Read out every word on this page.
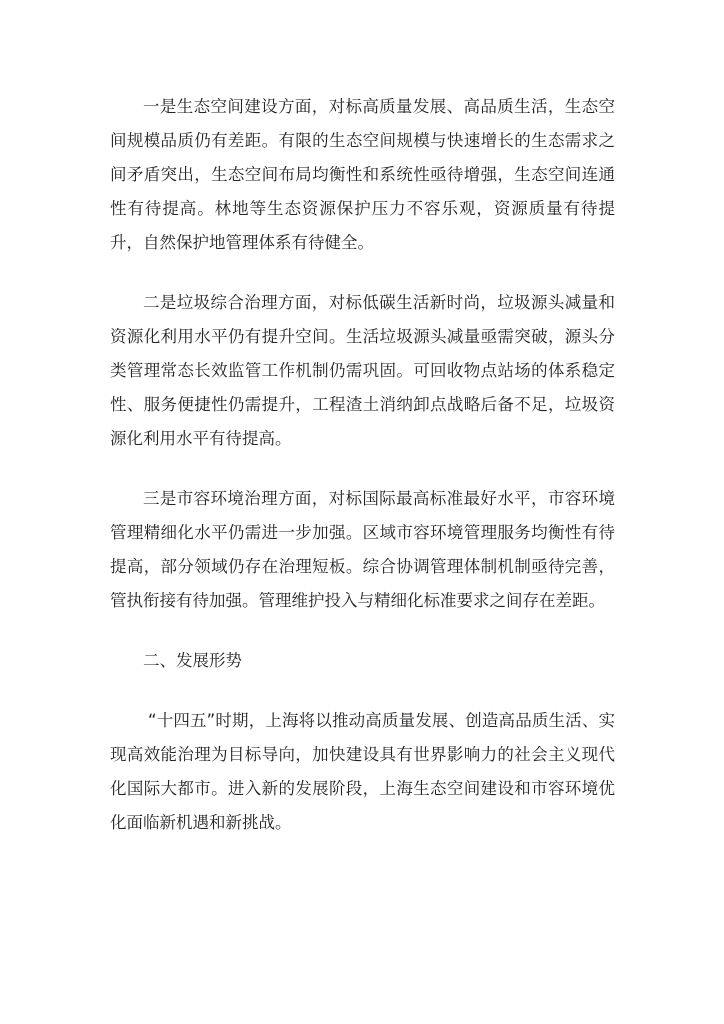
一是生态空间建设方面，对标高质量发展、高品质生活，生态空间规模品质仍有差距。有限的生态空间规模与快速增长的生态需求之间矛盾突出，生态空间布局均衡性和系统性亟待增强，生态空间连通性有待提高。林地等生态资源保护压力不容乐观，资源质量有待提升，自然保护地管理体系有待健全。

二是垃圾综合治理方面，对标低碳生活新时尚，垃圾源头减量和资源化利用水平仍有提升空间。生活垃圾源头减量亟需突破，源头分类管理常态长效监管工作机制仍需巩固。可回收物点站场的体系稳定性、服务便捷性仍需提升，工程渣土消纳卸点战略后备不足，垃圾资源化利用水平有待提高。

三是市容环境治理方面，对标国际最高标准最好水平，市容环境管理精细化水平仍需进一步加强。区域市容环境管理服务均衡性有待提高，部分领域仍存在治理短板。综合协调管理体制机制亟待完善，管执衔接有待加强。管理维护投入与精细化标准要求之间存在差距。

二、发展形势

“十四五”时期，上海将以推动高质量发展、创造高品质生活、实现高效能治理为目标导向，加快建设具有世界影响力的社会主义现代化国际大都市。进入新的发展阶段，上海生态空间建设和市容环境优化面临新机遇和新挑战。
